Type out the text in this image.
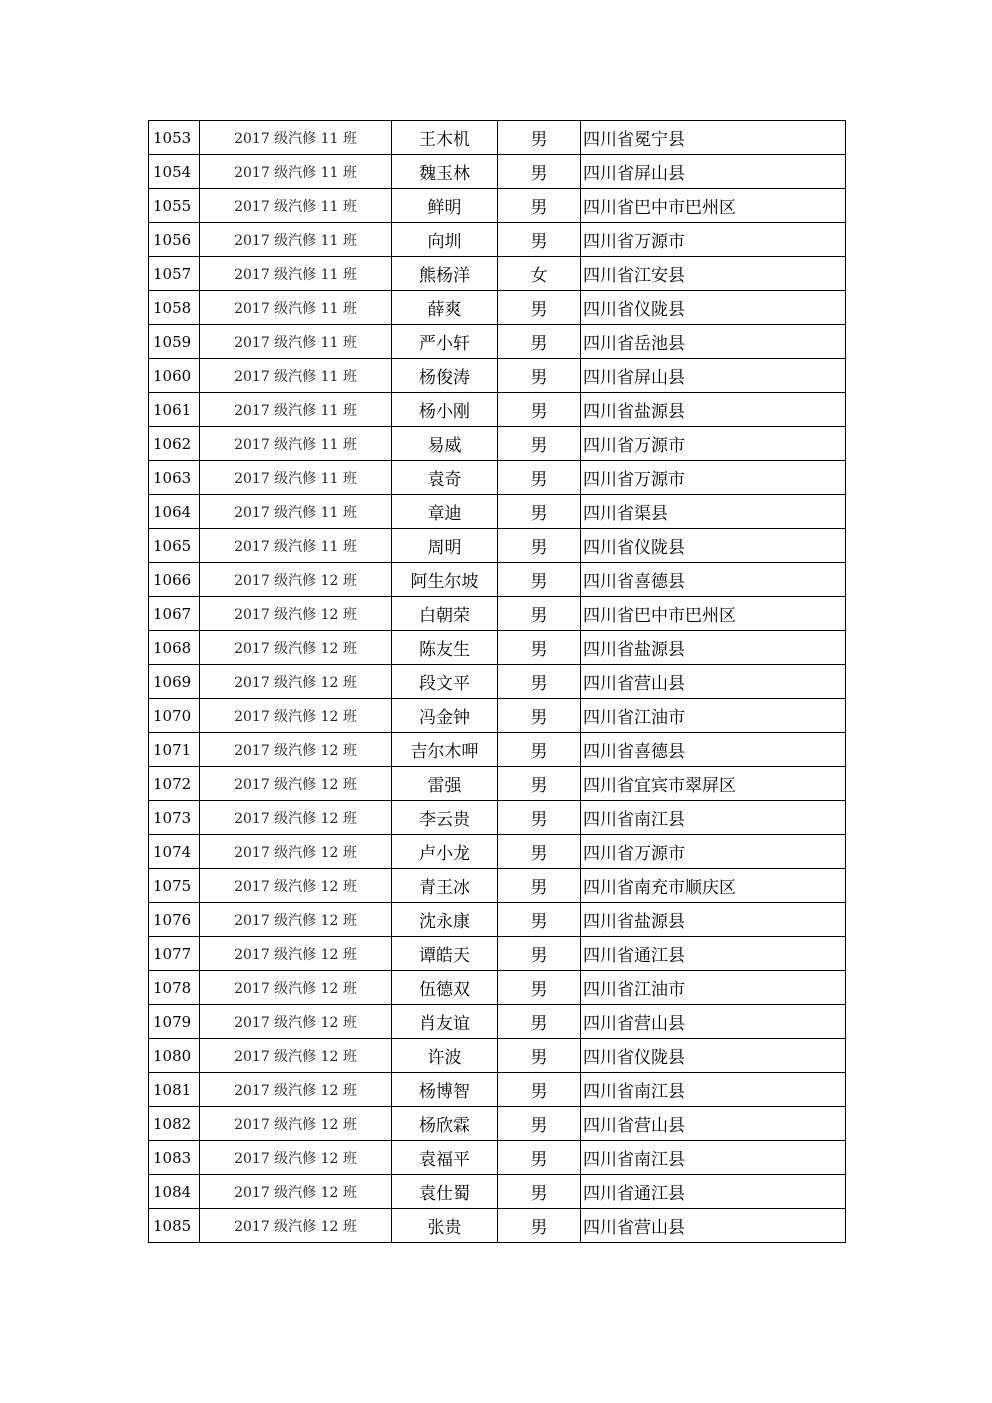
1053	2017 级汽修 11 班	王木机	男	四川省冕宁县
1054	2017 级汽修 11 班	魏玉林	男	四川省屏山县
1055	2017 级汽修 11 班	鲜明	男	四川省巴中市巴州区
1056	2017 级汽修 11 班	向圳	男	四川省万源市
1057	2017 级汽修 11 班	熊杨洋	女	四川省江安县
1058	2017 级汽修 11 班	薛爽	男	四川省仪陇县
1059	2017 级汽修 11 班	严小轩	男	四川省岳池县
1060	2017 级汽修 11 班	杨俊涛	男	四川省屏山县
1061	2017 级汽修 11 班	杨小刚	男	四川省盐源县
1062	2017 级汽修 11 班	易威	男	四川省万源市
1063	2017 级汽修 11 班	袁奇	男	四川省万源市
1064	2017 级汽修 11 班	章迪	男	四川省渠县
1065	2017 级汽修 11 班	周明	男	四川省仪陇县
1066	2017 级汽修 12 班	阿生尔坡	男	四川省喜德县
1067	2017 级汽修 12 班	白朝荣	男	四川省巴中市巴州区
1068	2017 级汽修 12 班	陈友生	男	四川省盐源县
1069	2017 级汽修 12 班	段文平	男	四川省营山县
1070	2017 级汽修 12 班	冯金钟	男	四川省江油市
1071	2017 级汽修 12 班	吉尔木呷	男	四川省喜德县
1072	2017 级汽修 12 班	雷强	男	四川省宜宾市翠屏区
1073	2017 级汽修 12 班	李云贵	男	四川省南江县
1074	2017 级汽修 12 班	卢小龙	男	四川省万源市
1075	2017 级汽修 12 班	青王冰	男	四川省南充市顺庆区
1076	2017 级汽修 12 班	沈永康	男	四川省盐源县
1077	2017 级汽修 12 班	谭皓天	男	四川省通江县
1078	2017 级汽修 12 班	伍德双	男	四川省江油市
1079	2017 级汽修 12 班	肖友谊	男	四川省营山县
1080	2017 级汽修 12 班	许波	男	四川省仪陇县
1081	2017 级汽修 12 班	杨博智	男	四川省南江县
1082	2017 级汽修 12 班	杨欣霖	男	四川省营山县
1083	2017 级汽修 12 班	袁福平	男	四川省南江县
1084	2017 级汽修 12 班	袁仕蜀	男	四川省通江县
1085	2017 级汽修 12 班	张贵	男	四川省营山县
